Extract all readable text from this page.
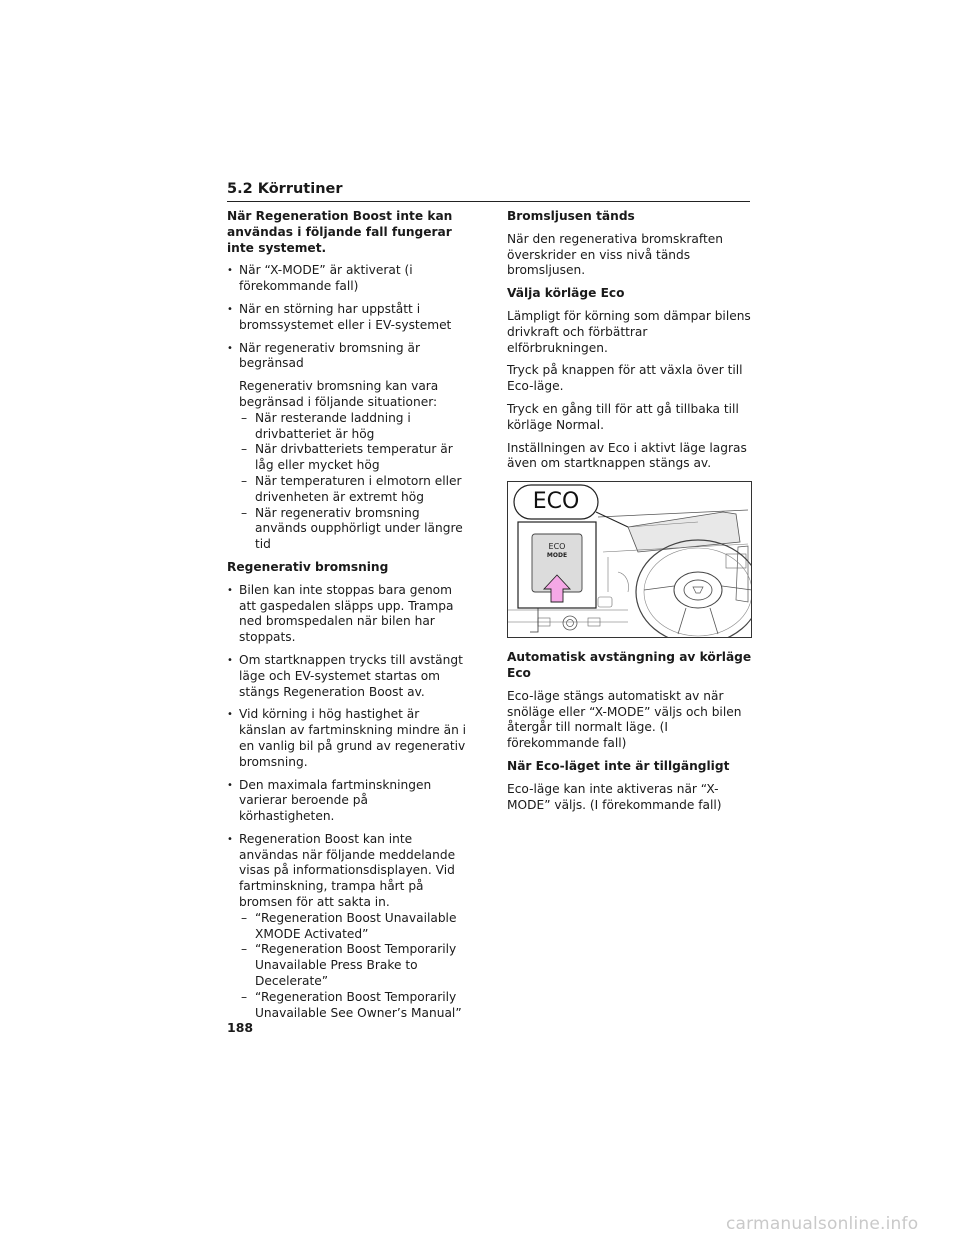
5.2 Körrutiner
När Regeneration Boost inte kan användas i följande fall fungerar inte systemet.
• När “X-MODE” är aktiverat (i förekommande fall)
• När en störning har uppstått i bromssystemet eller i EV-systemet
• När regenerativ bromsning är begränsad
Regenerativ bromsning kan vara begränsad i följande situationer:
– När resterande laddning i drivbatteriet är hög
– När drivbatteriets temperatur är låg eller mycket hög
– När temperaturen i elmotorn eller drivenheten är extremt hög
– När regenerativ bromsning används oupphörligt under längre tid
Regenerativ bromsning
• Bilen kan inte stoppas bara genom att gaspedalen släpps upp. Trampa ned bromspedalen när bilen har stoppats.
• Om startknappen trycks till avstängt läge och EV-systemet startas om stängs Regeneration Boost av.
• Vid körning i hög hastighet är känslan av fartminskning mindre än i en vanlig bil på grund av regenerativ bromsning.
• Den maximala fartminskningen varierar beroende på körhastigheten.
• Regeneration Boost kan inte användas när följande meddelande visas på informationsdisplayen. Vid fartminskning, trampa hårt på bromsen för att sakta in.
– “Regeneration Boost Unavailable XMODE Activated”
– “Regeneration Boost Temporarily Unavailable Press Brake to Decelerate”
– “Regeneration Boost Temporarily Unavailable See Owner’s Manual”
Bromsljusen tänds

När den regenerativa bromskraften överskrider en viss nivå tänds bromsljusen.

Välja körläge Eco

Lämpligt för körning som dämpar bilens drivkraft och förbättrar elförbrukningen.

Tryck på knappen för att växla över till Eco-läge.

Tryck en gång till för att gå tillbaka till körläge Normal.

Inställningen av Eco i aktivt läge lagras även om startknappen stängs av.

ECO
ECO
MODE
Automatisk avstängning av körläge Eco

Eco-läge stängs automatiskt av när snöläge eller “X-MODE” väljs och bilen återgår till normalt läge. (I förekommande fall)

När Eco-läget inte är tillgängligt

Eco-läge kan inte aktiveras när “X-MODE” väljs. (I förekommande fall)

188
carmanualsonline.info
